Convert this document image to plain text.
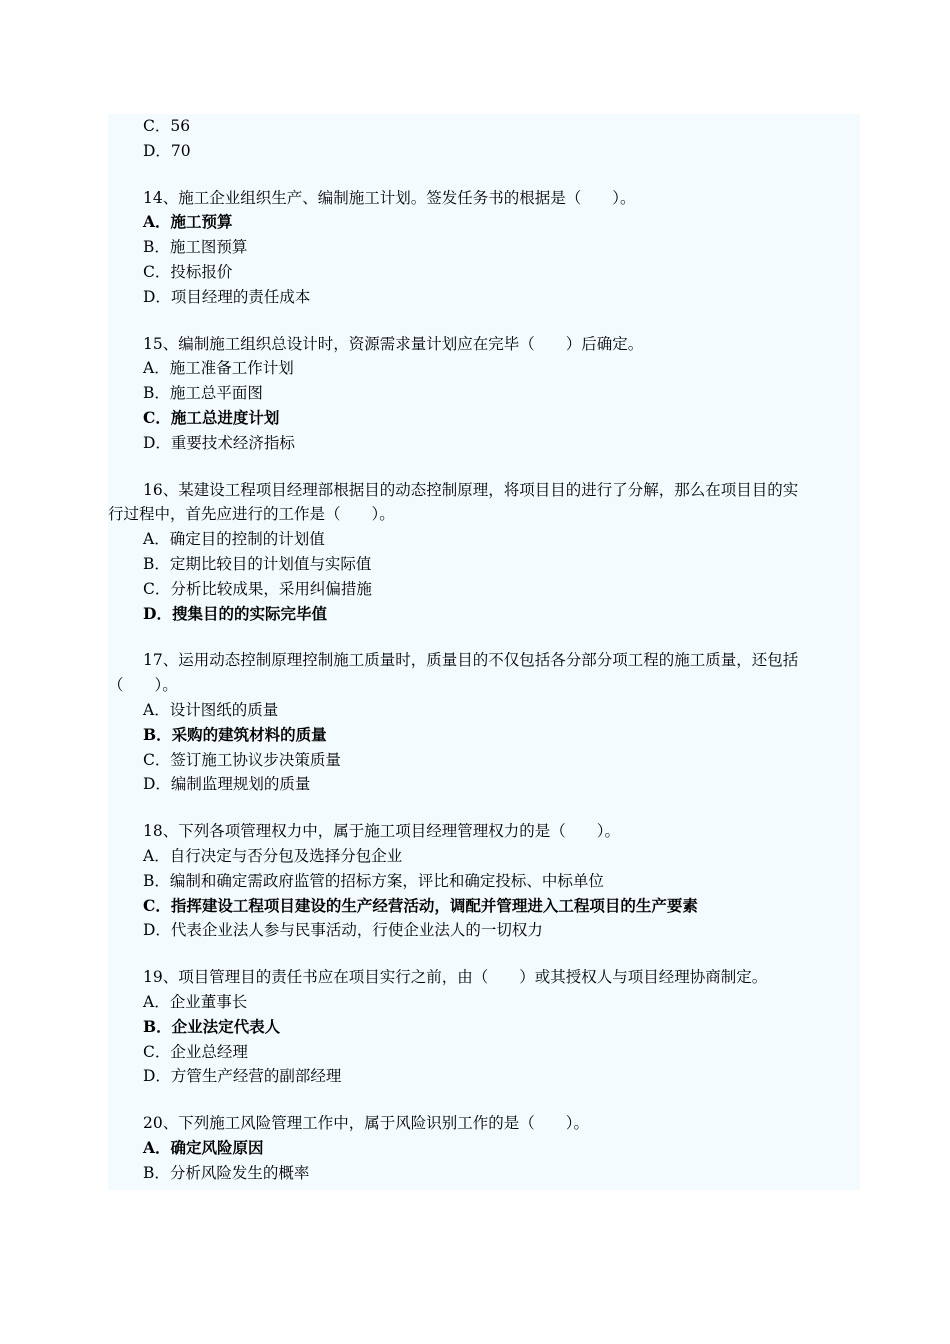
C．56
D．70
14、施工企业组织生产、编制施工计划。签发任务书的根据是（　　）。
A．施工预算
B．施工图预算
C．投标报价
D．项目经理的责任成本
15、编制施工组织总设计时，资源需求量计划应在完毕（　　）后确定。
A．施工准备工作计划
B．施工总平面图
C．施工总进度计划
D．重要技术经济指标
16、某建设工程项目经理部根据目的动态控制原理，将项目目的进行了分解，那么在项目目的实
行过程中，首先应进行的工作是（　　）。
A．确定目的控制的计划值
B．定期比较目的计划值与实际值
C．分析比较成果，采用纠偏措施
D．搜集目的的实际完毕值
17、运用动态控制原理控制施工质量时，质量目的不仅包括各分部分项工程的施工质量，还包括
（　　）。
A．设计图纸的质量
B．采购的建筑材料的质量
C．签订施工协议步决策质量
D．编制监理规划的质量
18、下列各项管理权力中，属于施工项目经理管理权力的是（　　）。
A．自行决定与否分包及选择分包企业
B．编制和确定需政府监管的招标方案，评比和确定投标、中标单位
C．指挥建设工程项目建设的生产经营活动，调配并管理进入工程项目的生产要素
D．代表企业法人参与民事活动，行使企业法人的一切权力
19、项目管理目的责任书应在项目实行之前，由（　　）或其授权人与项目经理协商制定。
A．企业董事长
B．企业法定代表人
C．企业总经理
D．方管生产经营的副部经理
20、下列施工风险管理工作中，属于风险识别工作的是（　　）。
A．确定风险原因
B．分析风险发生的概率
